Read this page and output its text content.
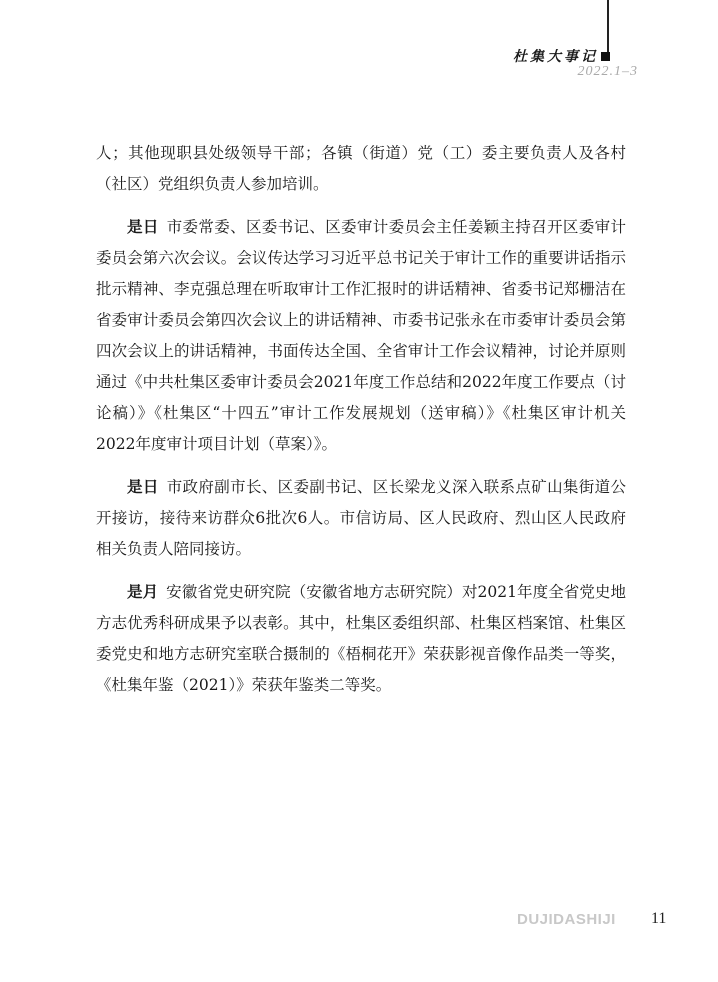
杜集大事记
2022.1–3

人；其他现职县处级领导干部；各镇（街道）党（工）委主要负责人及各村（社区）党组织负责人参加培训。

是日 市委常委、区委书记、区委审计委员会主任姜颖主持召开区委审计委员会第六次会议。会议传达学习习近平总书记关于审计工作的重要讲话指示批示精神、李克强总理在听取审计工作汇报时的讲话精神、省委书记郑栅洁在省委审计委员会第四次会议上的讲话精神、市委书记张永在市委审计委员会第四次会议上的讲话精神，书面传达全国、全省审计工作会议精神，讨论并原则通过《中共杜集区委审计委员会2021年度工作总结和2022年度工作要点（讨论稿）》《杜集区“十四五”审计工作发展规划（送审稿）》《杜集区审计机关2022年度审计项目计划（草案）》。

是日 市政府副市长、区委副书记、区长梁龙义深入联系点矿山集街道公开接访，接待来访群众6批次6人。市信访局、区人民政府、烈山区人民政府相关负责人陪同接访。

是月 安徽省党史研究院（安徽省地方志研究院）对2021年度全省党史地方志优秀科研成果予以表彰。其中，杜集区委组织部、杜集区档案馆、杜集区委党史和地方志研究室联合摄制的《梧桐花开》荣获影视音像作品类一等奖，《杜集年鉴（2021）》荣获年鉴类二等奖。

DUJIDASHIJI 11
